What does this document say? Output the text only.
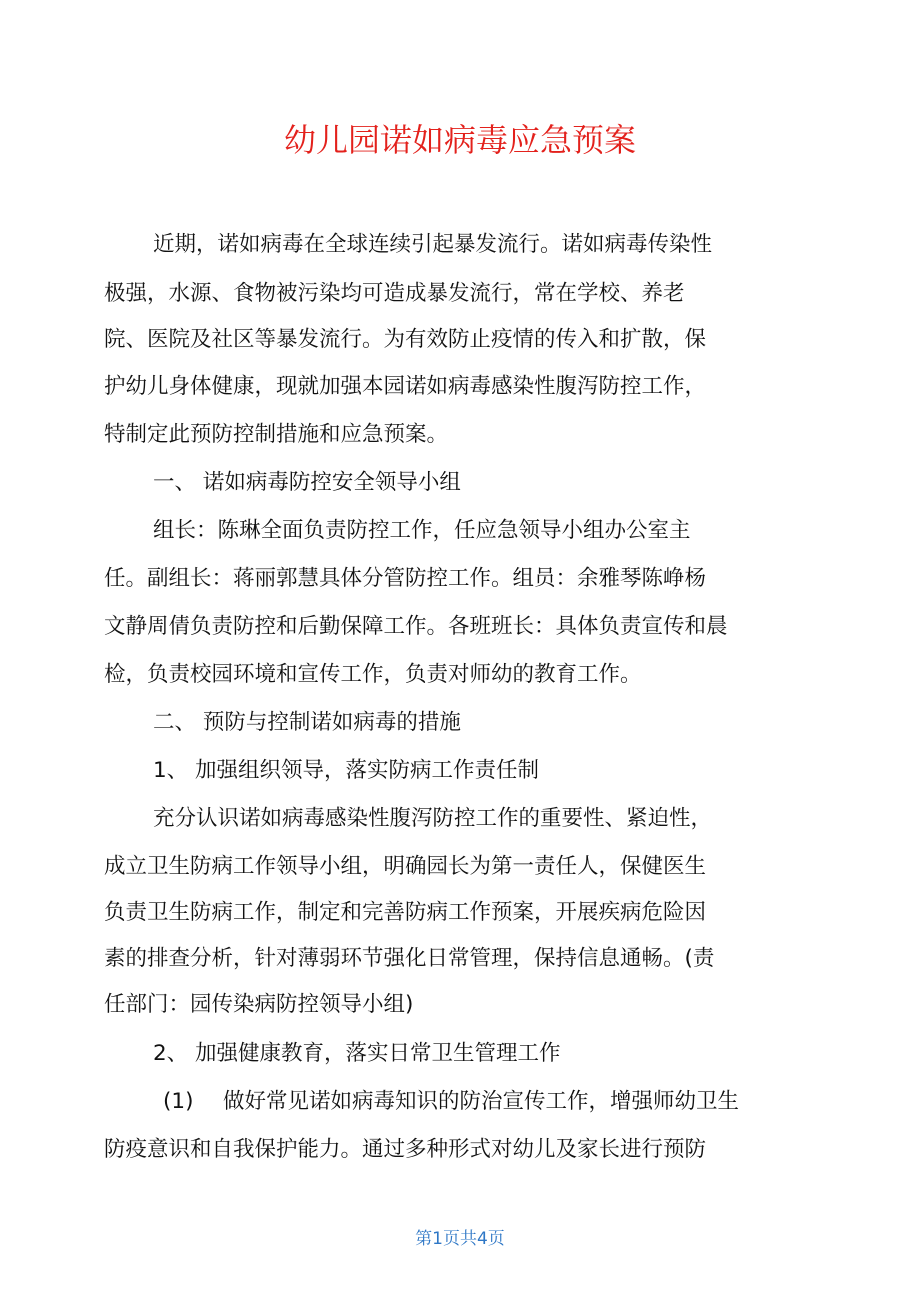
幼儿园诺如病毒应急预案
近期，诺如病毒在全球连续引起暴发流行。诺如病毒传染性
极强，水源、食物被污染均可造成暴发流行，常在学校、养老
院、医院及社区等暴发流行。为有效防止疫情的传入和扩散，保
护幼儿身体健康，现就加强本园诺如病毒感染性腹泻防控工作，
特制定此预防控制措施和应急预案。
一、 诺如病毒防控安全领导小组
组长：陈琳全面负责防控工作，任应急领导小组办公室主
任。副组长：蒋丽郭慧具体分管防控工作。组员：余雅琴陈峥杨
文静周倩负责防控和后勤保障工作。各班班长：具体负责宣传和晨
检，负责校园环境和宣传工作，负责对师幼的教育工作。
二、 预防与控制诺如病毒的措施
1、 加强组织领导，落实防病工作责任制
充分认识诺如病毒感染性腹泻防控工作的重要性、紧迫性，
成立卫生防病工作领导小组，明确园长为第一责任人，保健医生
负责卫生防病工作，制定和完善防病工作预案，开展疾病危险因
素的排查分析，针对薄弱环节强化日常管理，保持信息通畅。(责
任部门：园传染病防控领导小组)
2、 加强健康教育，落实日常卫生管理工作
(1) 做好常见诺如病毒知识的防治宣传工作，增强师幼卫生
防疫意识和自我保护能力。通过多种形式对幼儿及家长进行预防
第1页共4页
